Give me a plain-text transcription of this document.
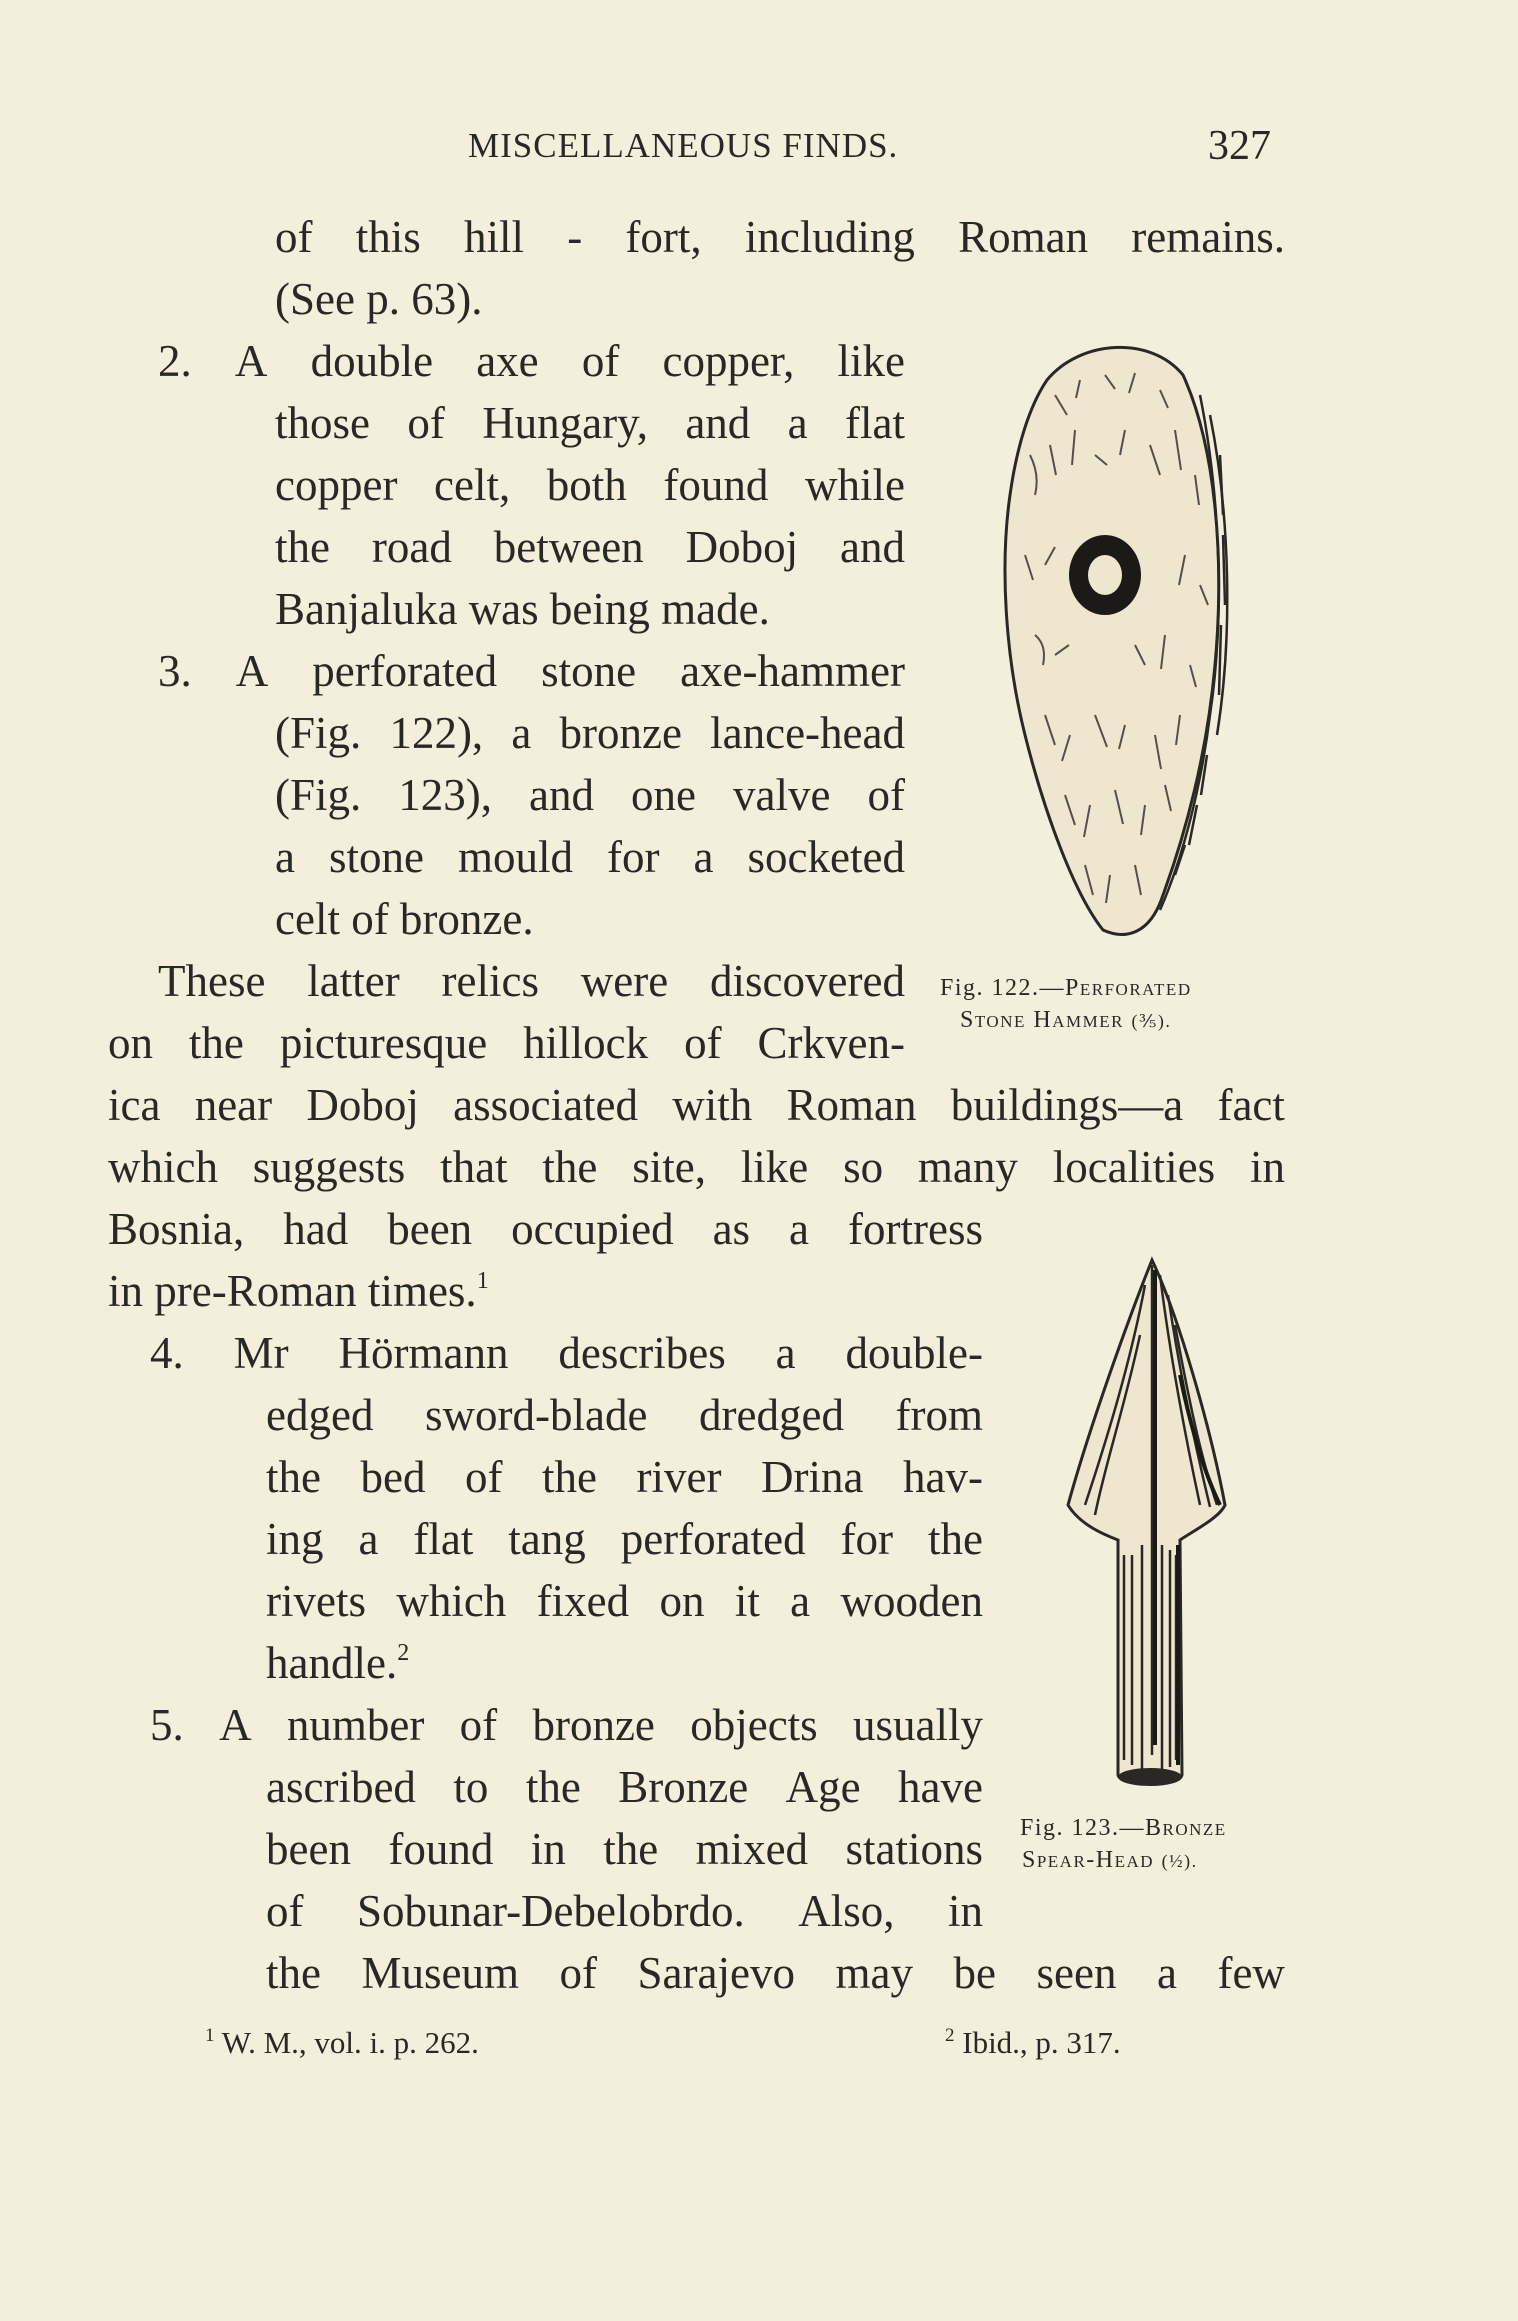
MISCELLANEOUS FINDS.	327
of this hill - fort, including Roman remains.
(See p. 63).
2. A double axe of copper, like
those of Hungary, and a flat
copper celt, both found while
the road between Doboj and
Banjaluka was being made.
3. A perforated stone axe-hammer
(Fig. 122), a bronze lance-head
(Fig. 123), and one valve of
a stone mould for a socketed
celt of bronze.
These latter relics were discovered
on the picturesque hillock of Crkven-
ica near Doboj associated with Roman buildings—a fact
which suggests that the site, like so many localities in
Bosnia, had been occupied as a fortress
in pre-Roman times.$^1$
4. Mr Hörmann describes a double-
edged sword-blade dredged from
the bed of the river Drina hav-
ing a flat tang perforated for the
rivets which fixed on it a wooden
handle.$^2$
5. A number of bronze objects usually
ascribed to the Bronze Age have
been found in the mixed stations
of Sobunar-Debelobrdo. Also, in
the Museum of Sarajevo may be seen a few
Fig. 122.—Perforated
Stone Hammer (⅗).
Fig. 123.—Bronze
Spear-Head (½).
$^1$ W. M., vol. i. p. 262.	$^2$ Ibid., p. 317.
